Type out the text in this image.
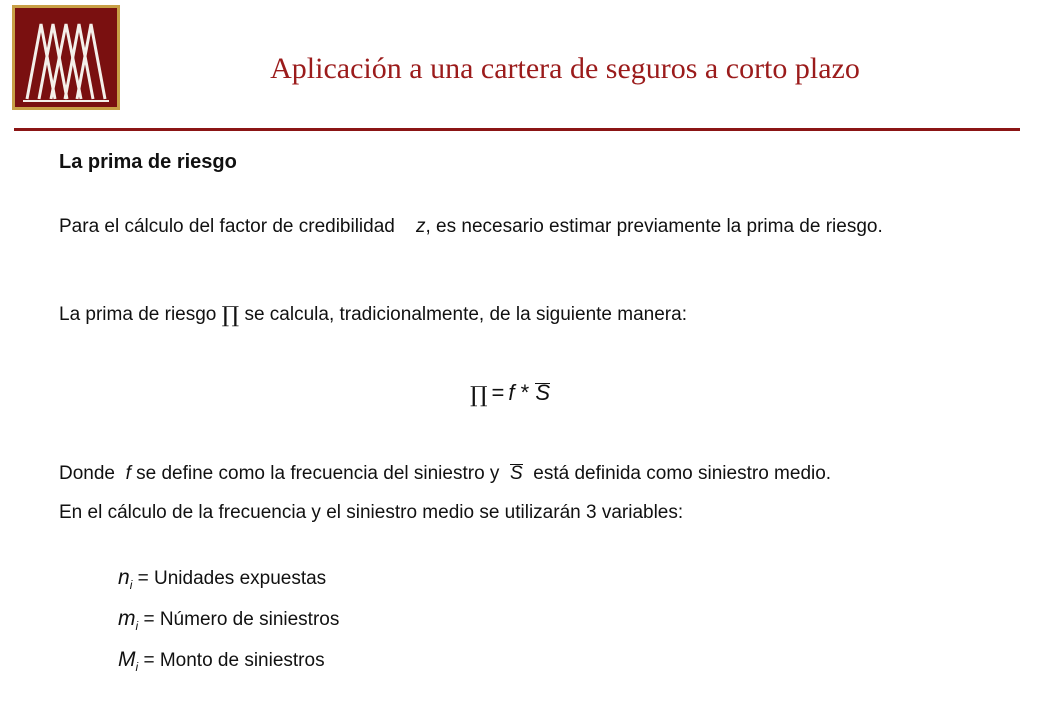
Aplicación a una cartera de seguros a corto plazo
La prima de riesgo
Para el cálculo del factor de credibilidad z, es necesario estimar previamente la prima de riesgo.
La prima de riesgo ∏ se calcula, tradicionalmente, de la siguiente manera:
∏ = f * S
Donde f se define como la frecuencia del siniestro y S está definida como siniestro medio.
En el cálculo de la frecuencia y el siniestro medio se utilizarán 3 variables:
$n_i$ = Unidades expuestas
$m_i$ = Número de siniestros
$M_i$ = Monto de siniestros
